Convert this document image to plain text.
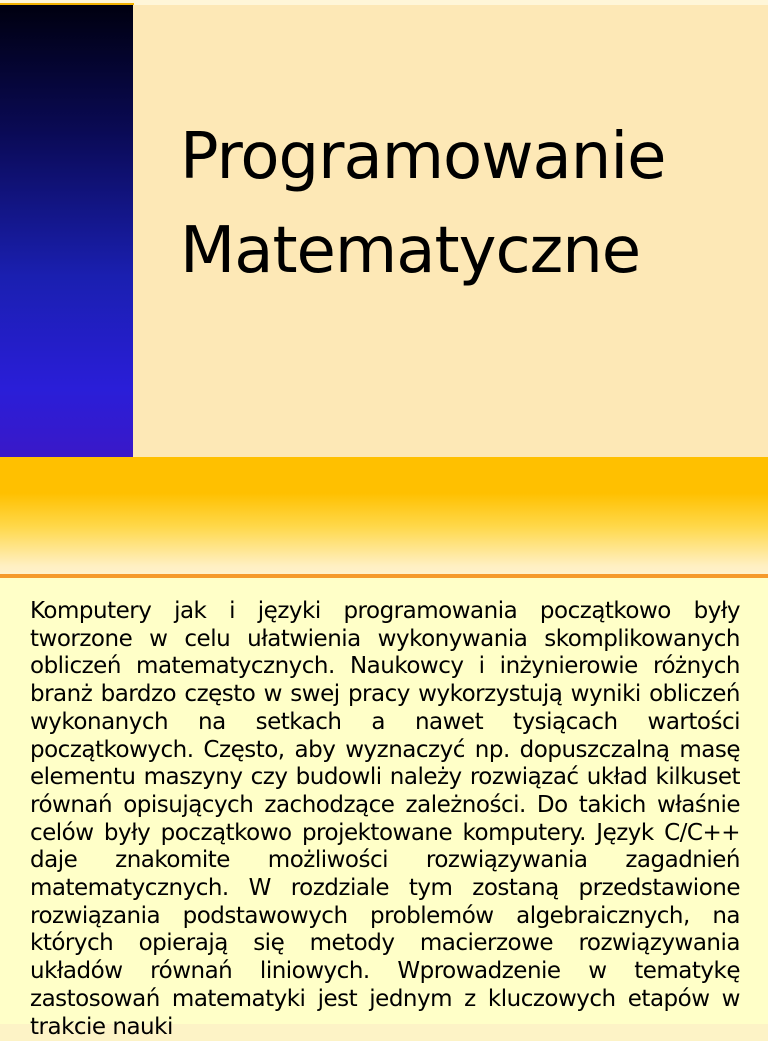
Programowanie
Matematyczne

Komputery jak i języki programowania początkowo były tworzone w celu ułatwienia wykonywania skomplikowanych obliczeń matematycznych. Naukowcy i inżynierowie różnych branż bardzo często w swej pracy wykorzystują wyniki obliczeń wykonanych na setkach a nawet tysiącach wartości początkowych. Często, aby wyznaczyć np. dopuszczalną masę elementu maszyny czy budowli należy rozwiązać układ kilkuset równań opisujących zachodzące zależności. Do takich właśnie celów były początkowo projektowane komputery. Język C/C++ daje znakomite możliwości rozwiązywania zagadnień matematycznych. W rozdziale tym zostaną przedstawione rozwiązania podstawowych problemów algebraicznych, na których opierają się metody macierzowe rozwiązywania układów równań liniowych. Wprowadzenie w tematykę zastosowań matematyki jest jednym z kluczowych etapów w trakcie nauki
